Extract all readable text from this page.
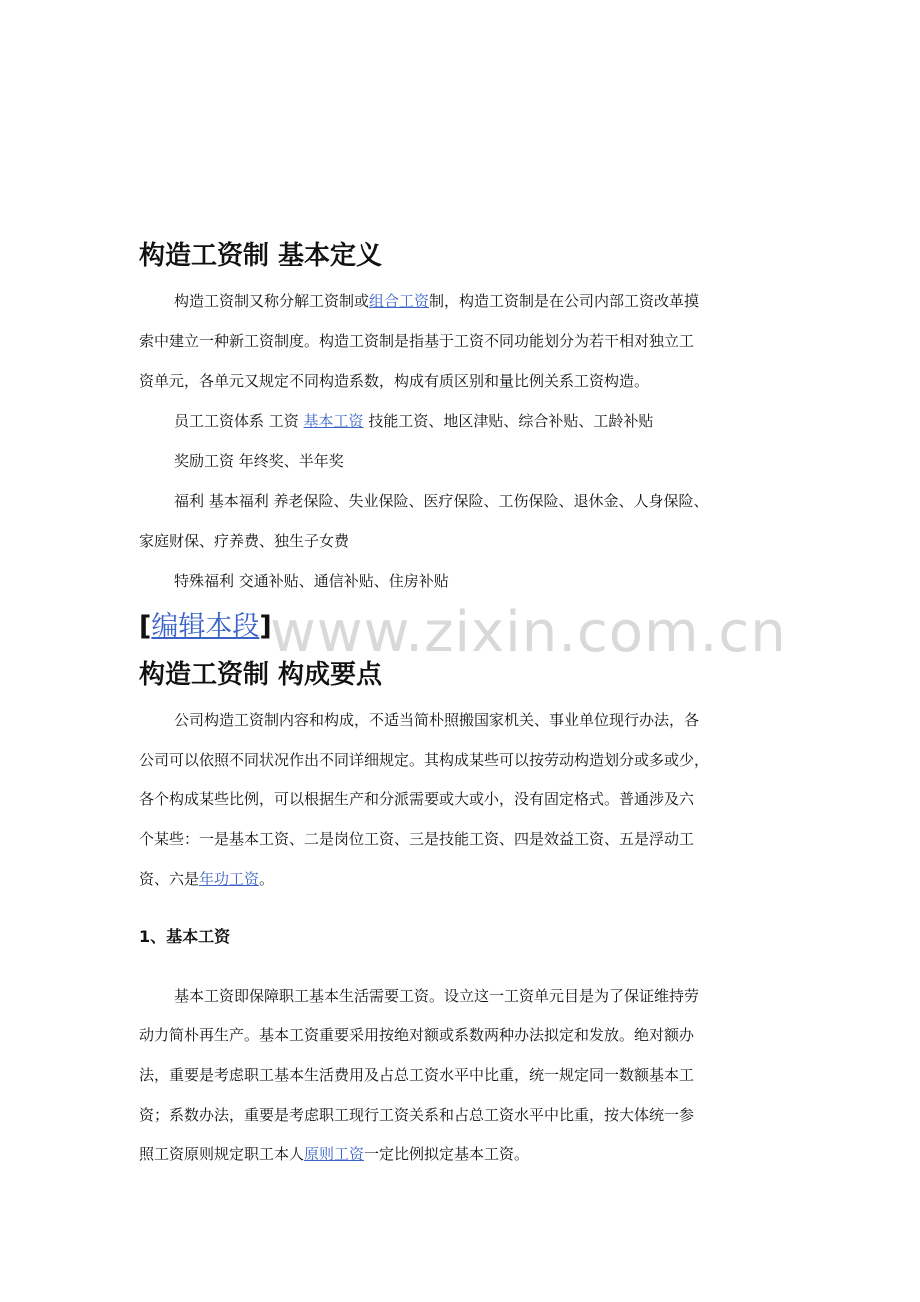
构造工资制 基本定义
构造工资制又称分解工资制或组合工资制，构造工资制是在公司内部工资改革摸
索中建立一种新工资制度。构造工资制是指基于工资不同功能划分为若干相对独立工
资单元，各单元又规定不同构造系数，构成有质区别和量比例关系工资构造。
员工工资体系 工资 基本工资 技能工资、地区津贴、综合补贴、工龄补贴
奖励工资 年终奖、半年奖
福利 基本福利 养老保险、失业保险、医疗保险、工伤保险、退休金、人身保险、
家庭财保、疗养费、独生子女费
特殊福利 交通补贴、通信补贴、住房补贴
www.zixin.com.cn
[编辑本段]
构造工资制 构成要点
公司构造工资制内容和构成，不适当简朴照搬国家机关、事业单位现行办法，各
公司可以依照不同状况作出不同详细规定。其构成某些可以按劳动构造划分或多或少，
各个构成某些比例，可以根据生产和分派需要或大或小，没有固定格式。普通涉及六
个某些：一是基本工资、二是岗位工资、三是技能工资、四是效益工资、五是浮动工
资、六是年功工资。
1、基本工资
基本工资即保障职工基本生活需要工资。设立这一工资单元目是为了保证维持劳
动力简朴再生产。基本工资重要采用按绝对额或系数两种办法拟定和发放。绝对额办
法，重要是考虑职工基本生活费用及占总工资水平中比重，统一规定同一数额基本工
资；系数办法，重要是考虑职工现行工资关系和占总工资水平中比重，按大体统一参
照工资原则规定职工本人原则工资一定比例拟定基本工资。
